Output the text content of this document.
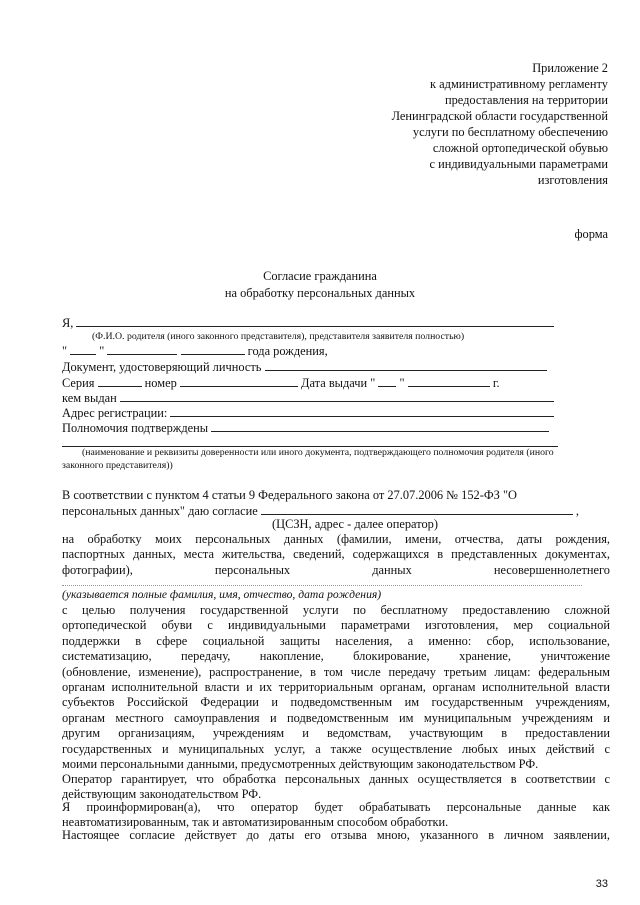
Приложение 2
к административному регламенту
предоставления на территории
Ленинградской области государственной
услуги по бесплатному обеспечению
сложной ортопедической обувью
с индивидуальными параметрами
изготовления
форма
Согласие гражданина
на обработку персональных данных
Я,
(Ф.И.О. родителя (иного законного представителя), представителя заявителя полностью)
"	"	года рождения,
Документ, удостоверяющий личность
Серия	номер	Дата выдачи " "	г.
кем выдан
Адрес регистрации:
Полномочия подтверждены
(наименование и реквизиты доверенности или иного документа, подтверждающего полномочия родителя (иного
законного представителя))
В соответствии с пунктом 4 статьи 9 Федерального закона от 27.07.2006 № 152-ФЗ "О
персональных данных" даю согласие	,
(ЦСЗН, адрес - далее оператор)
на обработку моих персональных данных (фамилии, имени, отчества, даты рождения,
паспортных данных, места жительства, сведений, содержащихся в представленных документах,
фотографии), персональных данных несовершеннолетнего
(указывается полные фамилия, имя, отчество, дата рождения)
с целью получения государственной услуги по бесплатному предоставлению сложной
ортопедической обуви с индивидуальными параметрами изготовления, мер социальной
поддержки в сфере социальной защиты населения, а именно: сбор, использование,
систематизацию, передачу, накопление, блокирование, хранение, уничтожение
(обновление, изменение), распространение, в том числе передачу третьим лицам: федеральным
органам исполнительной власти и их территориальным органам, органам исполнительной власти
субъектов Российской Федерации и подведомственным им государственным учреждениям,
органам местного самоуправления и подведомственным им муниципальным учреждениям и
другим организациям, учреждениям и ведомствам, участвующим в предоставлении
государственных и муниципальных услуг, а также осуществление любых иных действий с
моими персональными данными, предусмотренных действующим законодательством РФ.
Оператор гарантирует, что обработка персональных данных осуществляется в соответствии с
действующим законодательством РФ.
Я проинформирован(а), что оператор будет обрабатывать персональные данные как
неавтоматизированным, так и автоматизированным способом обработки.
Настоящее согласие действует до даты его отзыва мною, указанного в личном заявлении,
33
